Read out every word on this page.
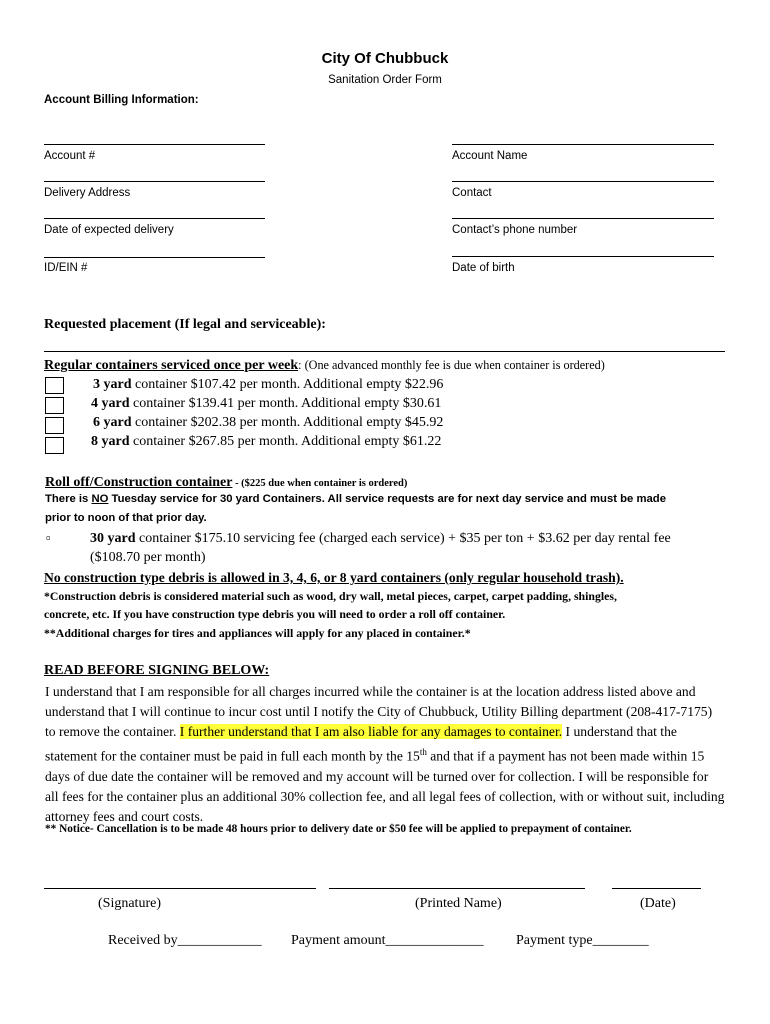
City Of Chubbuck
Sanitation Order Form
Account Billing Information:
Account #	Account Name
Delivery Address	Contact
Date of expected delivery	Contact’s phone number
ID/EIN #	Date of birth
Requested placement (If legal and serviceable):
Regular containers serviced once per week: (One advanced monthly fee is due when container is ordered)
3 yard container $107.42 per month. Additional empty $22.96
4 yard container $139.41 per month. Additional empty $30.61
6 yard container $202.38 per month. Additional empty $45.92
8 yard container $267.85 per month. Additional empty $61.22
Roll off/Construction container - ($225 due when container is ordered)
There is NO Tuesday service for 30 yard Containers. All service requests are for next day service and must be made
prior to noon of that prior day.
▫	30 yard container $175.10 servicing fee (charged each service) + $35 per ton + $3.62 per day rental fee
($108.70 per month)
No construction type debris is allowed in 3, 4, 6, or 8 yard containers (only regular household trash).
*Construction debris is considered material such as wood, dry wall, metal pieces, carpet, carpet padding, shingles,
concrete, etc. If you have construction type debris you will need to order a roll off container.
**Additional charges for tires and appliances will apply for any placed in container.*
READ BEFORE SIGNING BELOW:
I understand that I am responsible for all charges incurred while the container is at the location address listed above and understand that I will continue to incur cost until I notify the City of Chubbuck, Utility Billing department (208-417-7175) to remove the container. I further understand that I am also liable for any damages to container. I understand that the statement for the container must be paid in full each month by the 15th and that if a payment has not been made within 15 days of due date the container will be removed and my account will be turned over for collection. I will be responsible for all fees for the container plus an additional 30% collection fee, and all legal fees of collection, with or without suit, including attorney fees and court costs.
** Notice- Cancellation is to be made 48 hours prior to delivery date or $50 fee will be applied to prepayment of container.
(Signature)	(Printed Name)	(Date)
Received by____________ Payment amount______________ Payment type________
